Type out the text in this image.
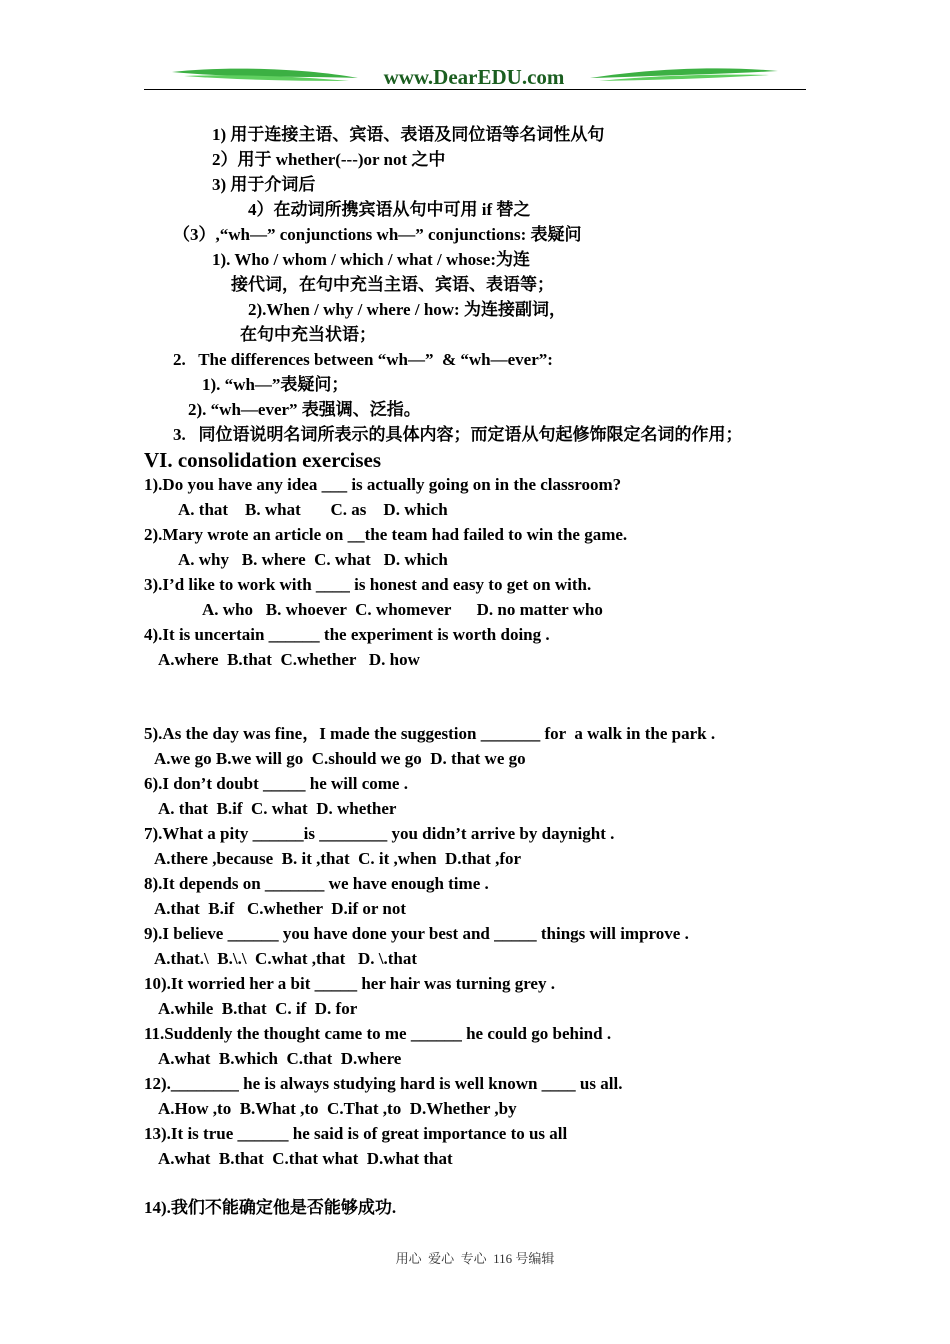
www.DearEDU.com
1) 用于连接主语、宾语、表语及同位语等名词性从句
2）用于 whether(---)or not 之中
3) 用于介词后
4）在动词所携宾语从句中可用 if 替之
（3）,“wh—” conjunctions wh—” conjunctions: 表疑问
1). Who / whom / which / what / whose:为连
接代词，在句中充当主语、宾语、表语等；
2).When / why / where / how: 为连接副词，
在句中充当状语；
2.   The differences between “wh—”  & “wh—ever”:
1). “wh—”表疑问；
2). “wh—ever” 表强调、泛指。
3.   同位语说明名词所表示的具体内容；而定语从句起修饰限定名词的作用；
VI. consolidation exercises
1).Do you have any idea ___ is actually going on in the classroom?
A. that    B. what       C. as    D. which
2).Mary wrote an article on __the team had failed to win the game.
A. why   B. where  C. what   D. which
3).I’d like to work with ____ is honest and easy to get on with.
A. who   B. whoever  C. whomever      D. no matter who
4).It is uncertain ______ the experiment is worth doing .
A.where  B.that  C.whether   D. how
5).As the day was fine，I made the suggestion _______ for  a walk in the park .
A.we go B.we will go  C.should we go  D. that we go
6).I don’t doubt _____ he will come .
A. that  B.if  C. what  D. whether
7).What a pity ______is ________ you didn’t arrive by daynight .
A.there ,because  B. it ,that  C. it ,when  D.that ,for
8).It depends on _______ we have enough time .
A.that  B.if   C.whether  D.if or not
9).I believe ______ you have done your best and _____ things will improve .
A.that.\  B.\.\  C.what ,that   D. \.that
10).It worried her a bit _____ her hair was turning grey .
A.while  B.that  C. if  D. for
11.Suddenly the thought came to me ______ he could go behind .
A.what  B.which  C.that  D.where
12).________ he is always studying hard is well known ____ us all.
A.How ,to  B.What ,to  C.That ,to  D.Whether ,by
13).It is true ______ he said is of great importance to us all
A.what  B.that  C.that what  D.what that
14).我们不能确定他是否能够成功.
用心  爱心  专心  116 号编辑
